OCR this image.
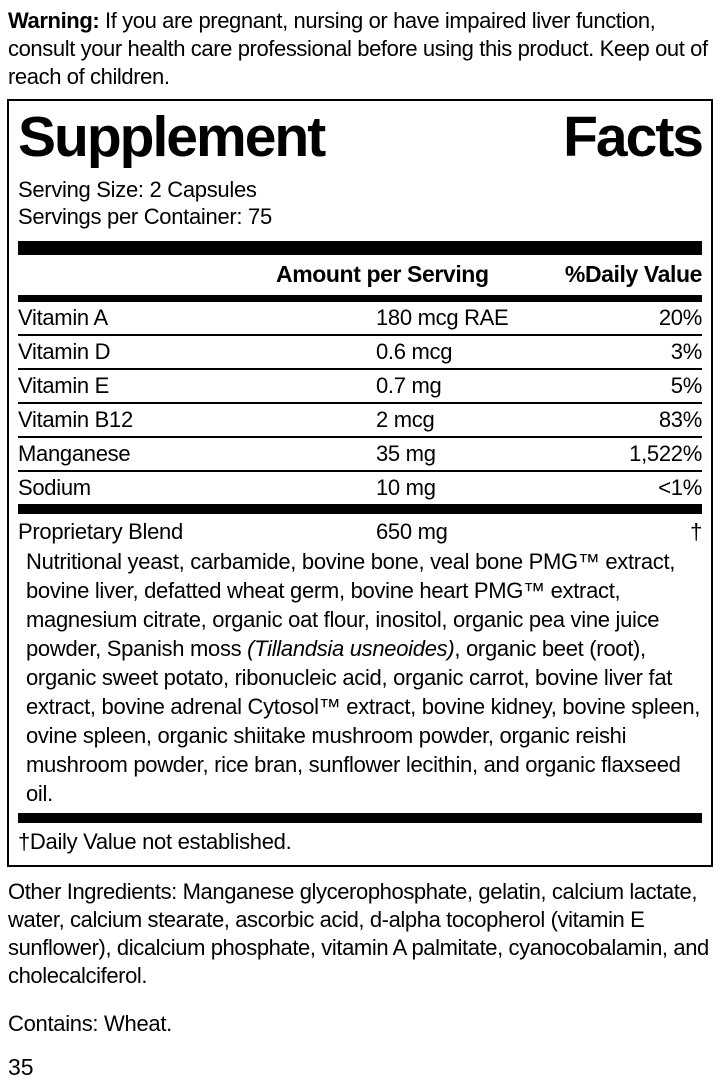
Warning: If you are pregnant, nursing or have impaired liver function, consult your health care professional before using this product. Keep out of reach of children.

Supplement	Facts
Serving Size: 2 Capsules
Servings per Container: 75
Amount per Serving	%Daily Value
Vitamin A	180 mcg RAE	20%
Vitamin D	0.6 mcg	3%
Vitamin E	0.7 mg	5%
Vitamin B12	2 mcg	83%
Manganese	35 mg	1,522%
Sodium	10 mg	<1%
Proprietary Blend	650 mg	†

Nutritional yeast, carbamide, bovine bone, veal bone PMG™ extract, bovine liver, defatted wheat germ, bovine heart PMG™ extract, magnesium citrate, organic oat flour, inositol, organic pea vine juice powder, Spanish moss (Tillandsia usneoides), organic beet (root), organic sweet potato, ribonucleic acid, organic carrot, bovine liver fat extract, bovine adrenal Cytosol™ extract, bovine kidney, bovine spleen, ovine spleen, organic shiitake mushroom powder, organic reishi mushroom powder, rice bran, sunflower lecithin, and organic flaxseed oil.

†Daily Value not established.

Other Ingredients: Manganese glycerophosphate, gelatin, calcium lactate, water, calcium stearate, ascorbic acid, d-alpha tocopherol (vitamin E sunflower), dicalcium phosphate, vitamin A palmitate, cyanocobalamin, and cholecalciferol.

Contains: Wheat.

35
